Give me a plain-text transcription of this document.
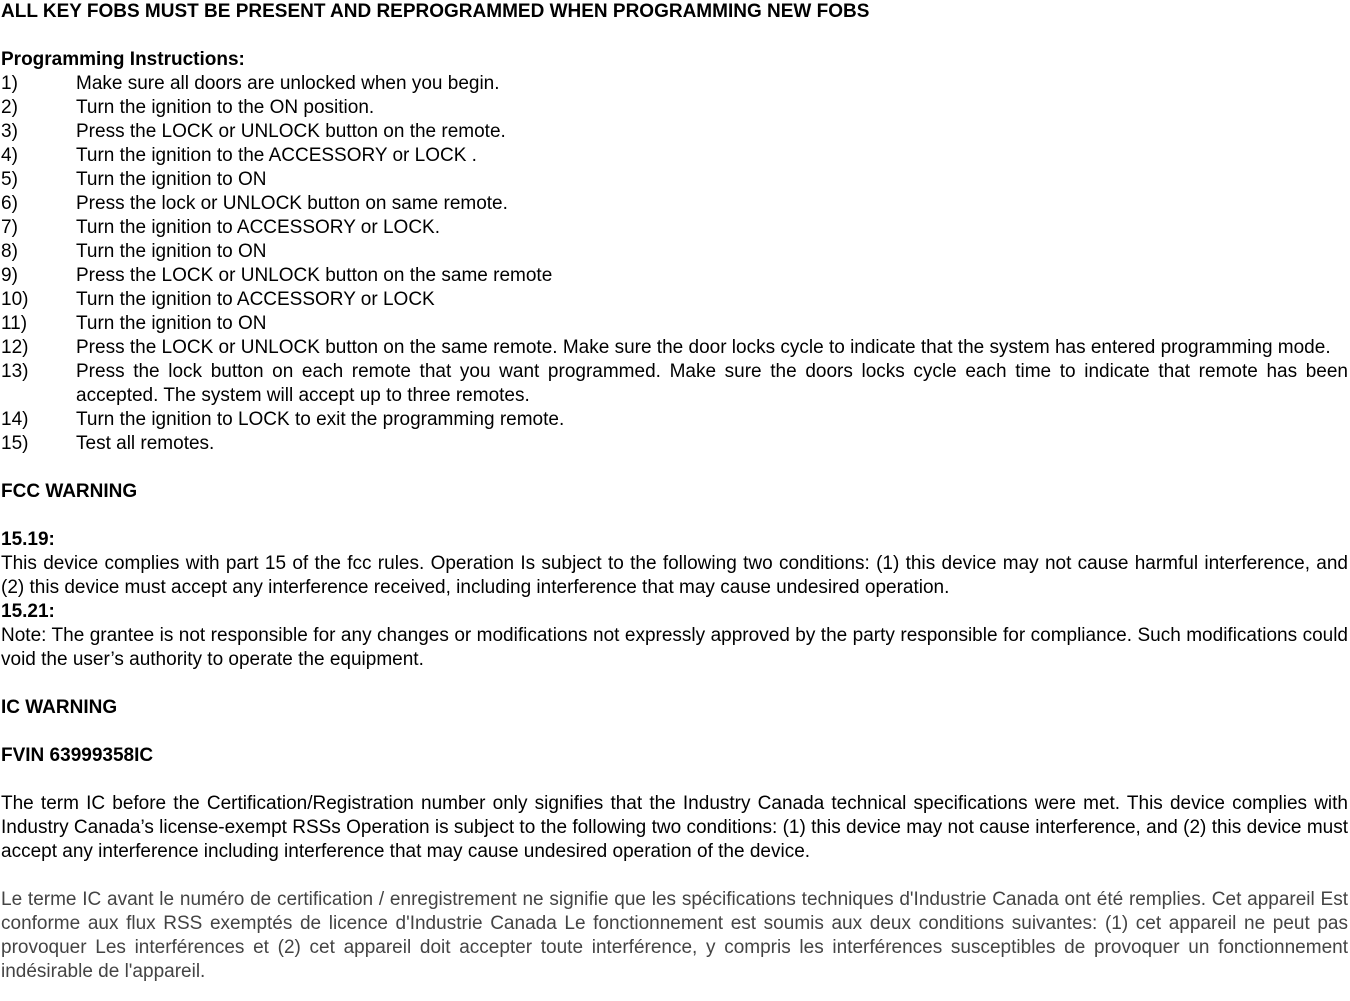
ALL KEY FOBS MUST BE PRESENT AND REPROGRAMMED WHEN PROGRAMMING NEW FOBS

Programming Instructions:

1)	Make sure all doors are unlocked when you begin.
2)	Turn the ignition to the ON position.
3)	Press the LOCK or UNLOCK button on the remote.
4)	Turn the ignition to the ACCESSORY or LOCK .
5)	Turn the ignition to ON
6)	Press the lock or UNLOCK button on same remote.
7)	Turn the ignition to ACCESSORY or LOCK.
8)	Turn the ignition to ON
9)	Press the LOCK or UNLOCK button on the same remote
10)	Turn the ignition to ACCESSORY or LOCK
11)	Turn the ignition to ON
12)	Press the LOCK or UNLOCK button on the same remote. Make sure the door locks cycle to indicate that the system has entered programming mode.
13)	Press the lock button on each remote that you want programmed. Make sure the doors locks cycle each time to indicate that remote has been accepted. The system will accept up to three remotes.
14)	Turn the ignition to LOCK to exit the programming remote.
15)	Test all remotes.

FCC WARNING

15.19:

This device complies with part 15 of the fcc rules. Operation Is subject to the following two conditions: (1) this device may not cause harmful interference, and (2) this device must accept any interference received, including interference that may cause undesired operation.

15.21:

Note: The grantee is not responsible for any changes or modifications not expressly approved by the party responsible for compliance. Such modifications could void the user’s authority to operate the equipment.

IC WARNING

FVIN 63999358IC

The term IC before the Certification/Registration number only signifies that the Industry Canada technical specifications were met. This device complies with Industry Canada’s license-exempt RSSs Operation is subject to the following two conditions: (1) this device may not cause interference, and (2) this device must accept any interference including interference that may cause undesired operation of the device.

Le terme IC avant le numéro de certification / enregistrement ne signifie que les spécifications techniques d'Industrie Canada ont été remplies. Cet appareil Est conforme aux flux RSS exemptés de licence d'Industrie Canada Le fonctionnement est soumis aux deux conditions suivantes: (1) cet appareil ne peut pas provoquer Les interférences et (2) cet appareil doit accepter toute interférence, y compris les interférences susceptibles de provoquer un fonctionnement indésirable de l'appareil.
